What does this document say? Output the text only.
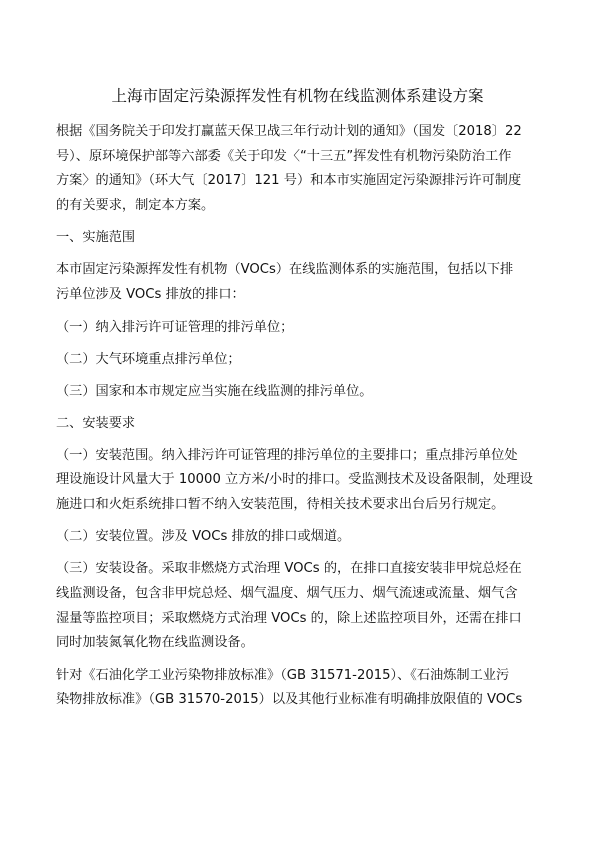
上海市固定污染源挥发性有机物在线监测体系建设方案
根据《国务院关于印发打赢蓝天保卫战三年行动计划的通知》（国发〔2018〕22
号）、原环境保护部等六部委《关于印发〈“十三五”挥发性有机物污染防治工作
方案〉的通知》（环大气〔2017〕121 号）和本市实施固定污染源排污许可制度
的有关要求，制定本方案。
一、实施范围
本市固定污染源挥发性有机物（VOCs）在线监测体系的实施范围，包括以下排
污单位涉及 VOCs 排放的排口：
（一）纳入排污许可证管理的排污单位；
（二）大气环境重点排污单位；
（三）国家和本市规定应当实施在线监测的排污单位。
二、安装要求
（一）安装范围。纳入排污许可证管理的排污单位的主要排口；重点排污单位处
理设施设计风量大于 10000 立方米/小时的排口。受监测技术及设备限制，处理设
施进口和火炬系统排口暂不纳入安装范围，待相关技术要求出台后另行规定。
（二）安装位置。涉及 VOCs 排放的排口或烟道。
（三）安装设备。采取非燃烧方式治理 VOCs 的，在排口直接安装非甲烷总烃在
线监测设备，包含非甲烷总烃、烟气温度、烟气压力、烟气流速或流量、烟气含
湿量等监控项目；采取燃烧方式治理 VOCs 的，除上述监控项目外，还需在排口
同时加装氮氧化物在线监测设备。
针对《石油化学工业污染物排放标准》（GB 31571-2015）、《石油炼制工业污
染物排放标准》（GB 31570-2015）以及其他行业标准有明确排放限值的 VOCs
